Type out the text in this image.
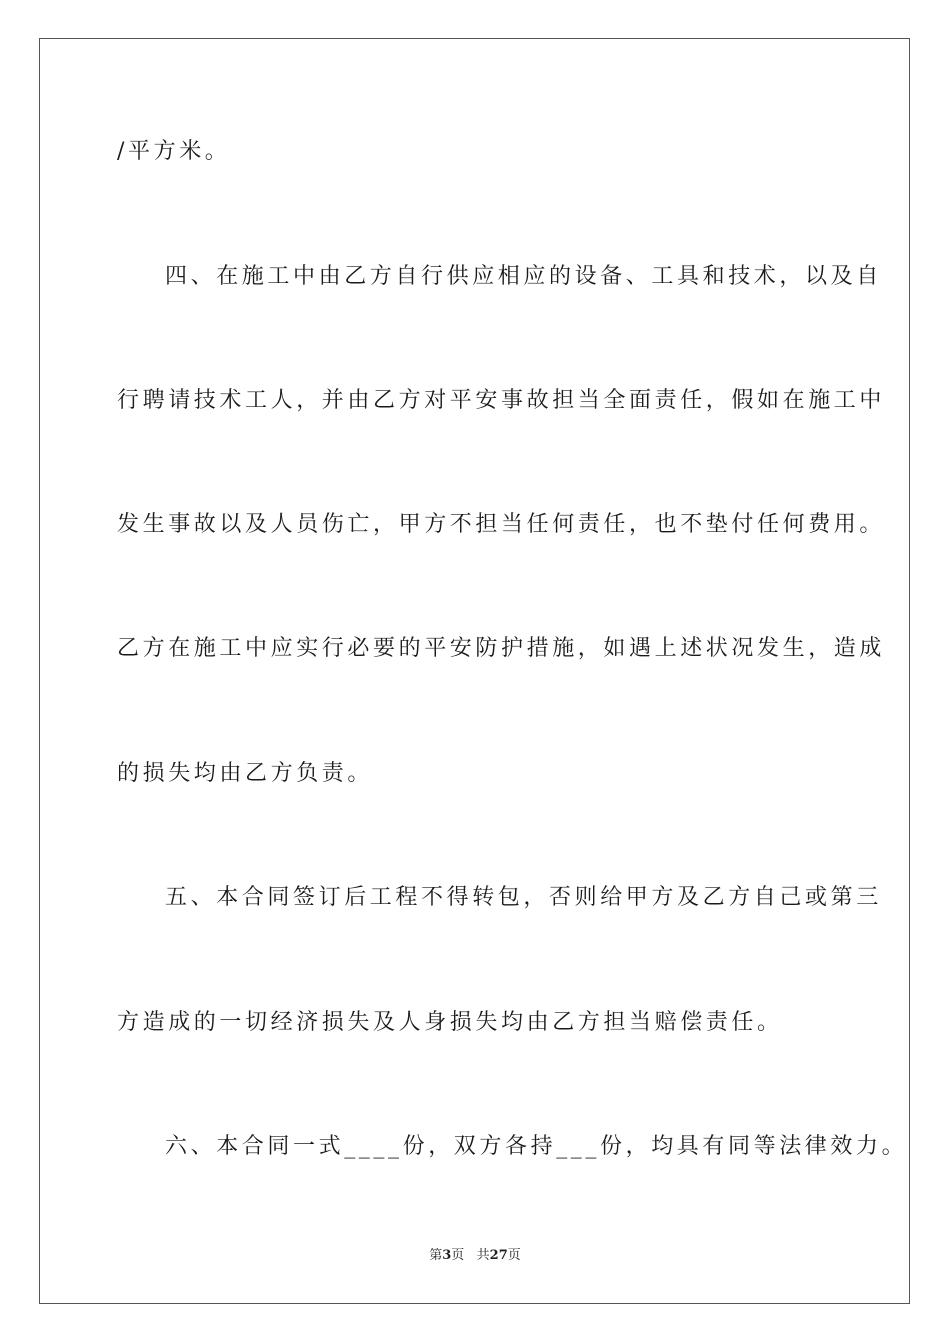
/平方米。
四、在施工中由乙方自行供应相应的设备、工具和技术，以及自
行聘请技术工人，并由乙方对平安事故担当全面责任，假如在施工中
发生事故以及人员伤亡，甲方不担当任何责任，也不垫付任何费用。
乙方在施工中应实行必要的平安防护措施，如遇上述状况发生，造成
的损失均由乙方负责。
五、本合同签订后工程不得转包，否则给甲方及乙方自己或第三
方造成的一切经济损失及人身损失均由乙方担当赔偿责任。
六、本合同一式____份，双方各持___份，均具有同等法律效力。
第3页   共27页
